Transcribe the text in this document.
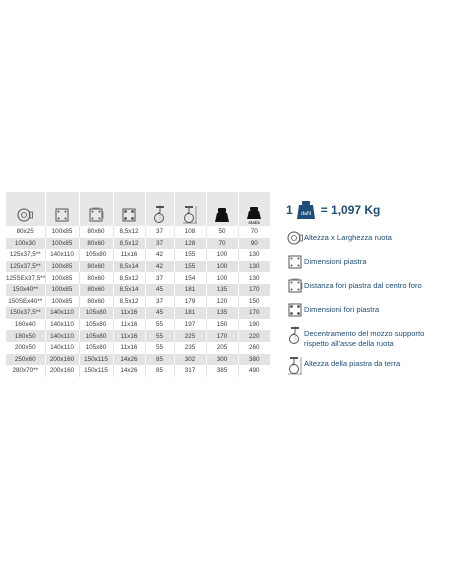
static

80x25	100x85	80x60	8,5x12	37	108	50	70
100x30	100x85	80x60	8,5x12	37	128	70	90
125x37,5**	140x110	105x80	11x16	42	155	100	130
125x37,5**	100x85	80x60	8,5x14	42	155	100	130
125SEx37,5**	100x85	80x60	8,5x12	37	154	100	130
150x40**	100x85	80x60	8,5x14	45	181	135	170
150SEx40**	100x85	80x60	8,5x12	37	179	120	150
150x37,5**	140x110	105x80	11x16	45	181	135	170
160x40	140x110	105x80	11x16	55	197	150	190
180x50	140x110	105x80	11x16	55	225	170	220
200x50	140x110	105x80	11x16	55	235	205	260
250x60	200x160	150x115	14x26	85	302	300	380
280x70**	200x160	150x115	14x26	85	317	385	490
1 daN = 1,097 Kg
Altezza x Larghezza ruota
Dimensioni piastra
Distanza fori piastra dal centro foro
Dimensioni fori piastra
Decentramento del mozzo supporto rispetto all'asse della ruota
Altezza della piastra da terra
